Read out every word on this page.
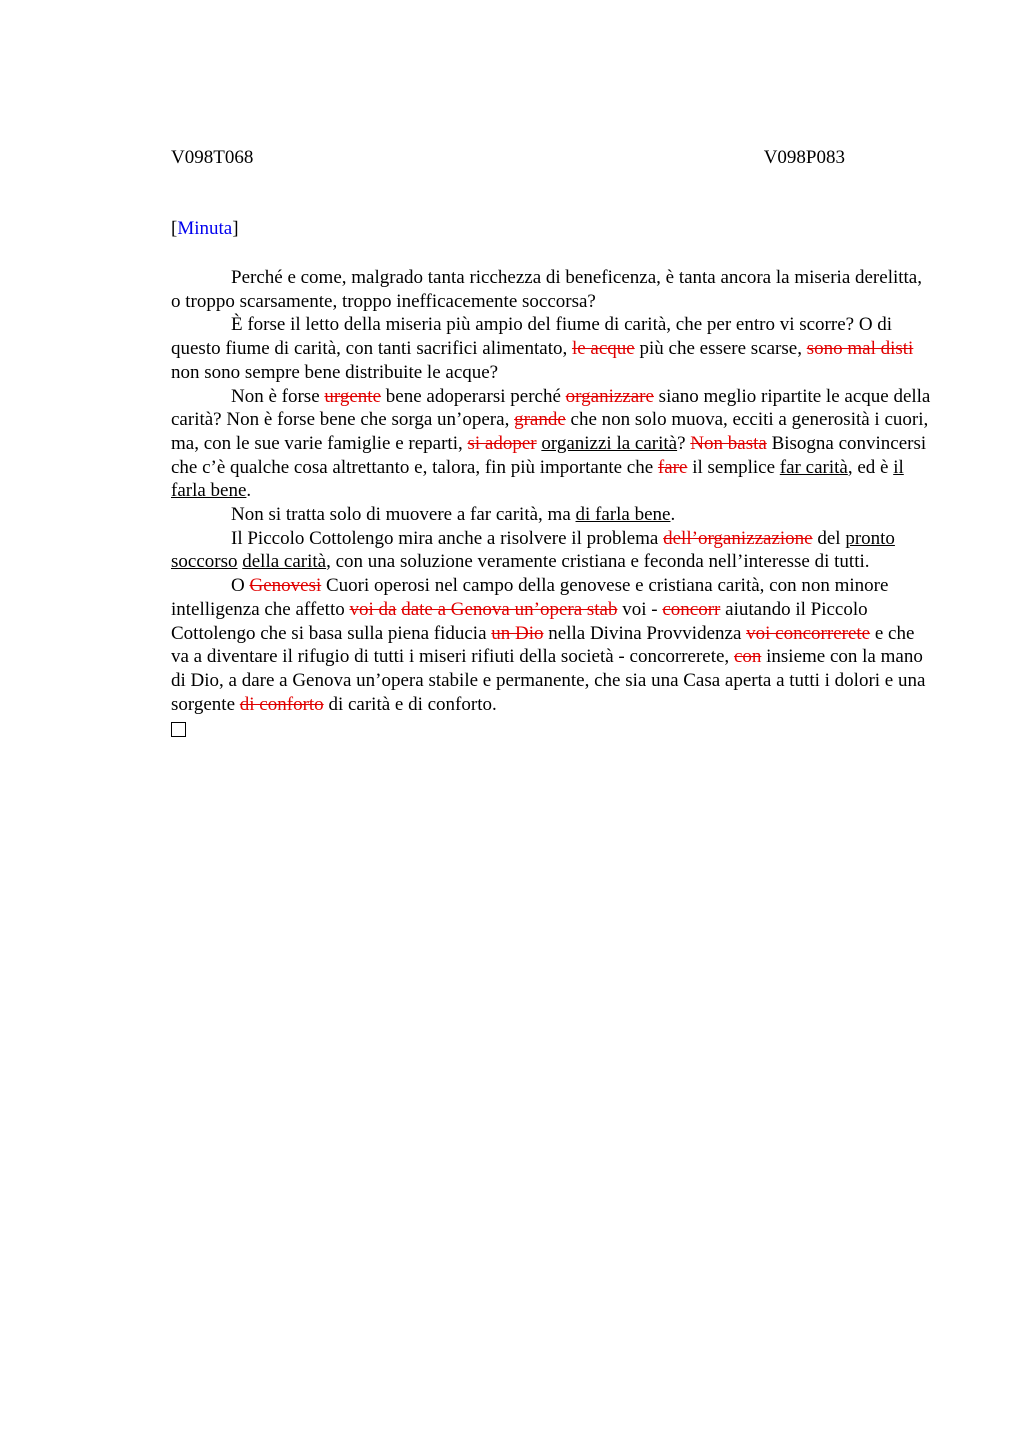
V098T068	V098P083
[Minuta]

Perché e come, malgrado tanta ricchezza di beneficenza, è tanta ancora la miseria derelitta, o troppo scarsamente, troppo inefficacemente soccorsa?

È forse il letto della miseria più ampio del fiume di carità, che per entro vi scorre? O di questo fiume di carità, con tanti sacrifici alimentato, le acque più che essere scarse, sono mal disti non sono sempre bene distribuite le acque?

Non è forse urgente bene adoperarsi perché organizzare siano meglio ripartite le acque della carità? Non è forse bene che sorga un’opera, grande che non solo muova, ecciti a generosità i cuori, ma, con le sue varie famiglie e reparti, si adoper organizzi la carità? Non basta Bisogna convincersi che c’è qualche cosa altrettanto e, talora, fin più importante che fare il semplice far carità, ed è il farla bene.

Non si tratta solo di muovere a far carità, ma di farla bene.

Il Piccolo Cottolengo mira anche a risolvere il problema dell’organizzazione del pronto soccorso della carità, con una soluzione veramente cristiana e feconda nell’interesse di tutti.

O Genovesi Cuori operosi nel campo della genovese e cristiana carità, con non minore intelligenza che affetto voi da date a Genova un’opera stab voi - concorr aiutando il Piccolo Cottolengo che si basa sulla piena fiducia un Dio nella Divina Provvidenza voi concorrerete e che va a diventare il rifugio di tutti i miseri rifiuti della società - concorrerete, con insieme con la mano di Dio, a dare a Genova un’opera stabile e permanente, che sia una Casa aperta a tutti i dolori e una sorgente di conforto di carità e di conforto.
